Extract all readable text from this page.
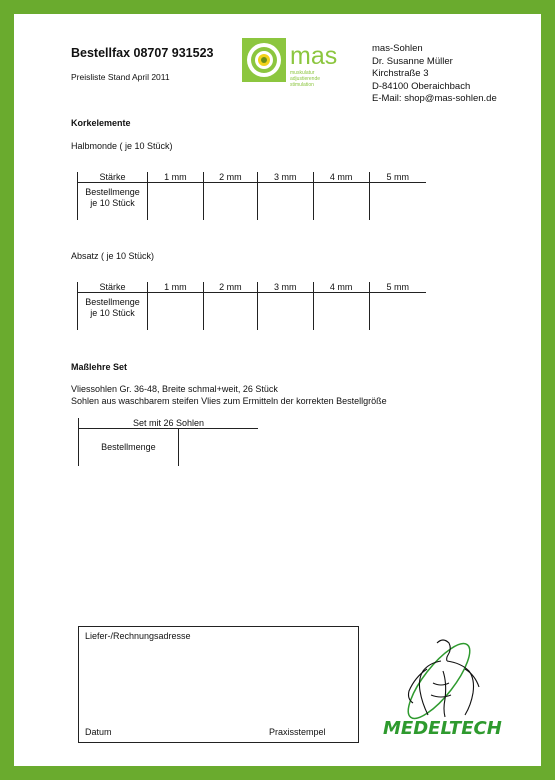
Bestellfax 08707 931523
Preisliste Stand April 2011
mas
muskulatur
adjustierende
stimulation
mas-Sohlen
Dr. Susanne Müller
Kirchstraße 3
D-84100 Oberaichbach
E-Mail: shop@mas-sohlen.de
Korkelemente
Halbmonde ( je 10 Stück)
Stärke	1 mm	2 mm	3 mm	4 mm	5 mm
Bestellmenge
je 10 Stück					
Absatz ( je 10 Stück)
Stärke	1 mm	2 mm	3 mm	4 mm	5 mm
Bestellmenge
je 10 Stück					
Maßlehre Set
Vliessohlen Gr. 36-48, Breite schmal+weit, 26 Stück
Sohlen aus waschbarem steifen Vlies zum Ermitteln der korrekten Bestellgröße
Set mit 26 Sohlen
Bestellmenge	
Liefer-/Rechnungsadresse
Datum	Praxisstempel	MEDELTECH
